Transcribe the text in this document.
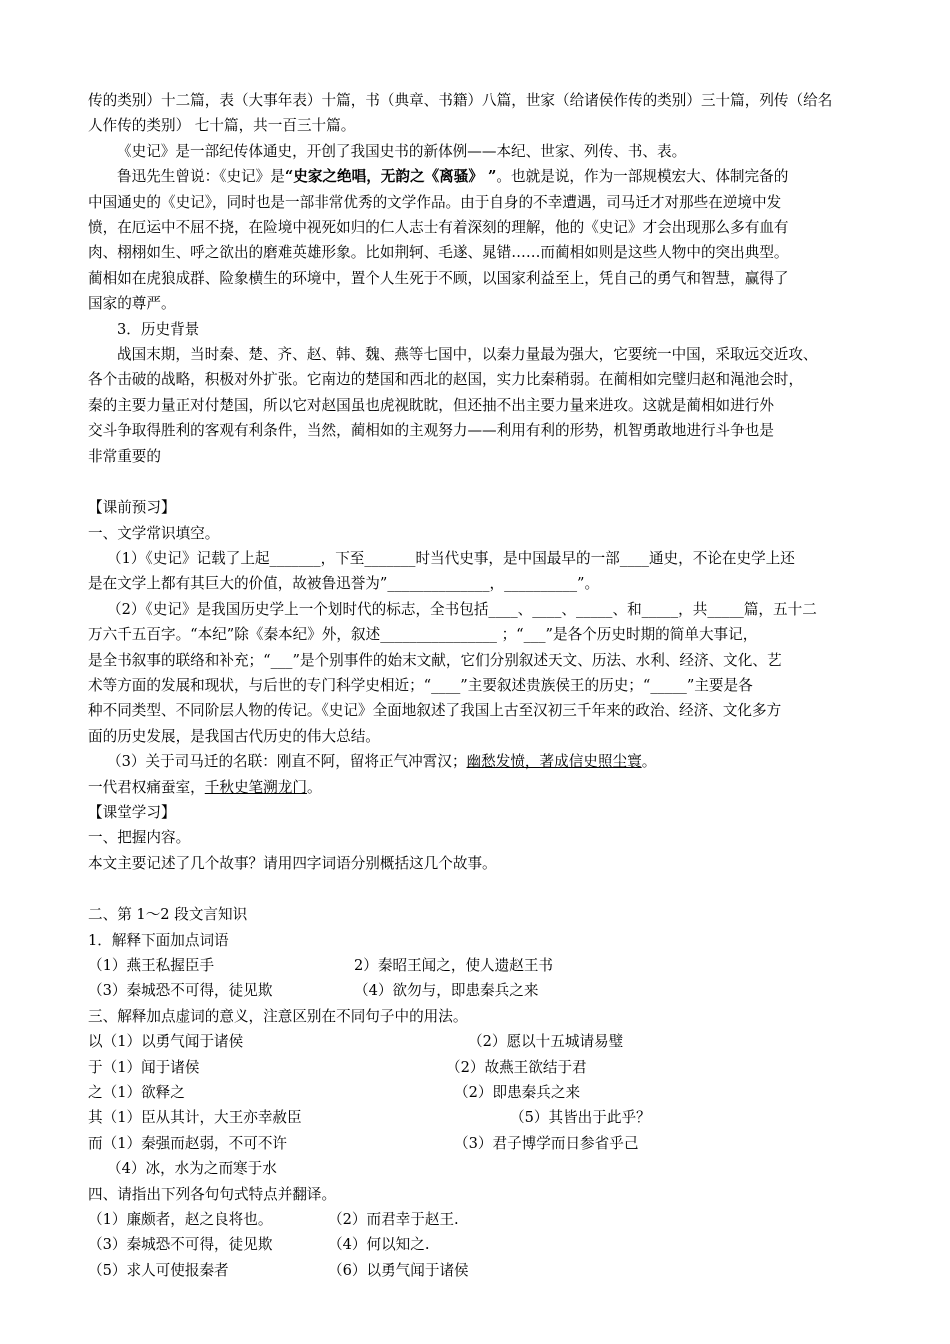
传的类别）十二篇，表（大事年表）十篇，书（典章、书籍）八篇，世家（给诸侯作传的类别）三十篇，列传（给名

人作传的类别） 七十篇，共一百三十篇。

《史记》是一部纪传体通史，开创了我国史书的新体例——本纪、世家、列传、书、表。

鲁迅先生曾说：《史记》是“史家之绝唱，无韵之《离骚》 ”。也就是说，作为一部规模宏大、体制完备的

中国通史的《史记》，同时也是一部非常优秀的文学作品。由于自身的不幸遭遇，司马迁才对那些在逆境中发

愤，在厄运中不屈不挠，在险境中视死如归的仁人志士有着深刻的理解，他的《史记》才会出现那么多有血有

肉、栩栩如生、呼之欲出的磨难英雄形象。比如荆轲、毛遂、晁错……而蔺相如则是这些人物中的突出典型。

蔺相如在虎狼成群、险象横生的环境中，置个人生死于不顾，以国家利益至上，凭自己的勇气和智慧，赢得了

国家的尊严。

3．历史背景

战国末期，当时秦、楚、齐、赵、韩、魏、燕等七国中，以秦力量最为强大，它要统一中国，采取远交近攻、

各个击破的战略，积极对外扩张。它南边的楚国和西北的赵国，实力比秦稍弱。在蔺相如完璧归赵和渑池会时，

秦的主要力量正对付楚国，所以它对赵国虽也虎视眈眈，但还抽不出主要力量来进攻。这就是蔺相如进行外

交斗争取得胜利的客观有利条件，当然，蔺相如的主观努力——利用有利的形势，机智勇敢地进行斗争也是

非常重要的

【课前预习】

一、文学常识填空。

（1）《史记》记载了上起_______，下至_______时当代史事，是中国最早的一部____通史，不论在史学上还

是在文学上都有其巨大的价值，故被鲁迅誉为”______________，__________”。

（2）《史记》是我国历史学上一个划时代的标志，全书包括____、____、_____、和_____，共_____篇，五十二

万六千五百字。“本纪”除《秦本纪》外，叙述________________ ；“___”是各个历史时期的简单大事记，

是全书叙事的联络和补充；“___”是个别事件的始末文献，它们分别叙述天文、历法、水利、经济、文化、艺

术等方面的发展和现状，与后世的专门科学史相近；“____”主要叙述贵族侯王的历史；“_____”主要是各

种不同类型、不同阶层人物的传记。《史记》全面地叙述了我国上古至汉初三千年来的政治、经济、文化多方

面的历史发展，是我国古代历史的伟大总结。

（3）关于司马迁的名联：刚直不阿，留将正气冲霄汉；幽愁发愤，著成信史照尘寰。

一代君权痛蚕室，千秋史笔溯龙门。

【课堂学习】

一、把握内容。

本文主要记述了几个故事？请用四字词语分别概括这几个故事。

二、第 1～2 段文言知识

1．解释下面加点词语

（1）燕王私握臣手	2）秦昭王闻之，使人遗赵王书
（3）秦城恐不可得，徒见欺	（4）欲勿与，即患秦兵之来

三、解释加点虚词的意义，注意区别在不同句子中的用法。

以（1）以勇气闻于诸侯	（2）愿以十五城请易璧
于（1）闻于诸侯	（2）故燕王欲结于君
之（1）欲释之	（2）即患秦兵之来
其（1）臣从其计，大王亦幸赦臣	（5）其皆出于此乎？
而（1）秦强而赵弱，不可不许	（3）君子博学而日参省乎己

（4）冰，水为之而寒于水

四、请指出下列各句句式特点并翻译。

（1）廉颇者，赵之良将也。	（2）而君幸于赵王.
（3）秦城恐不可得，徒见欺	（4）何以知之.
（5）求人可使报秦者	（6）以勇气闻于诸侯
